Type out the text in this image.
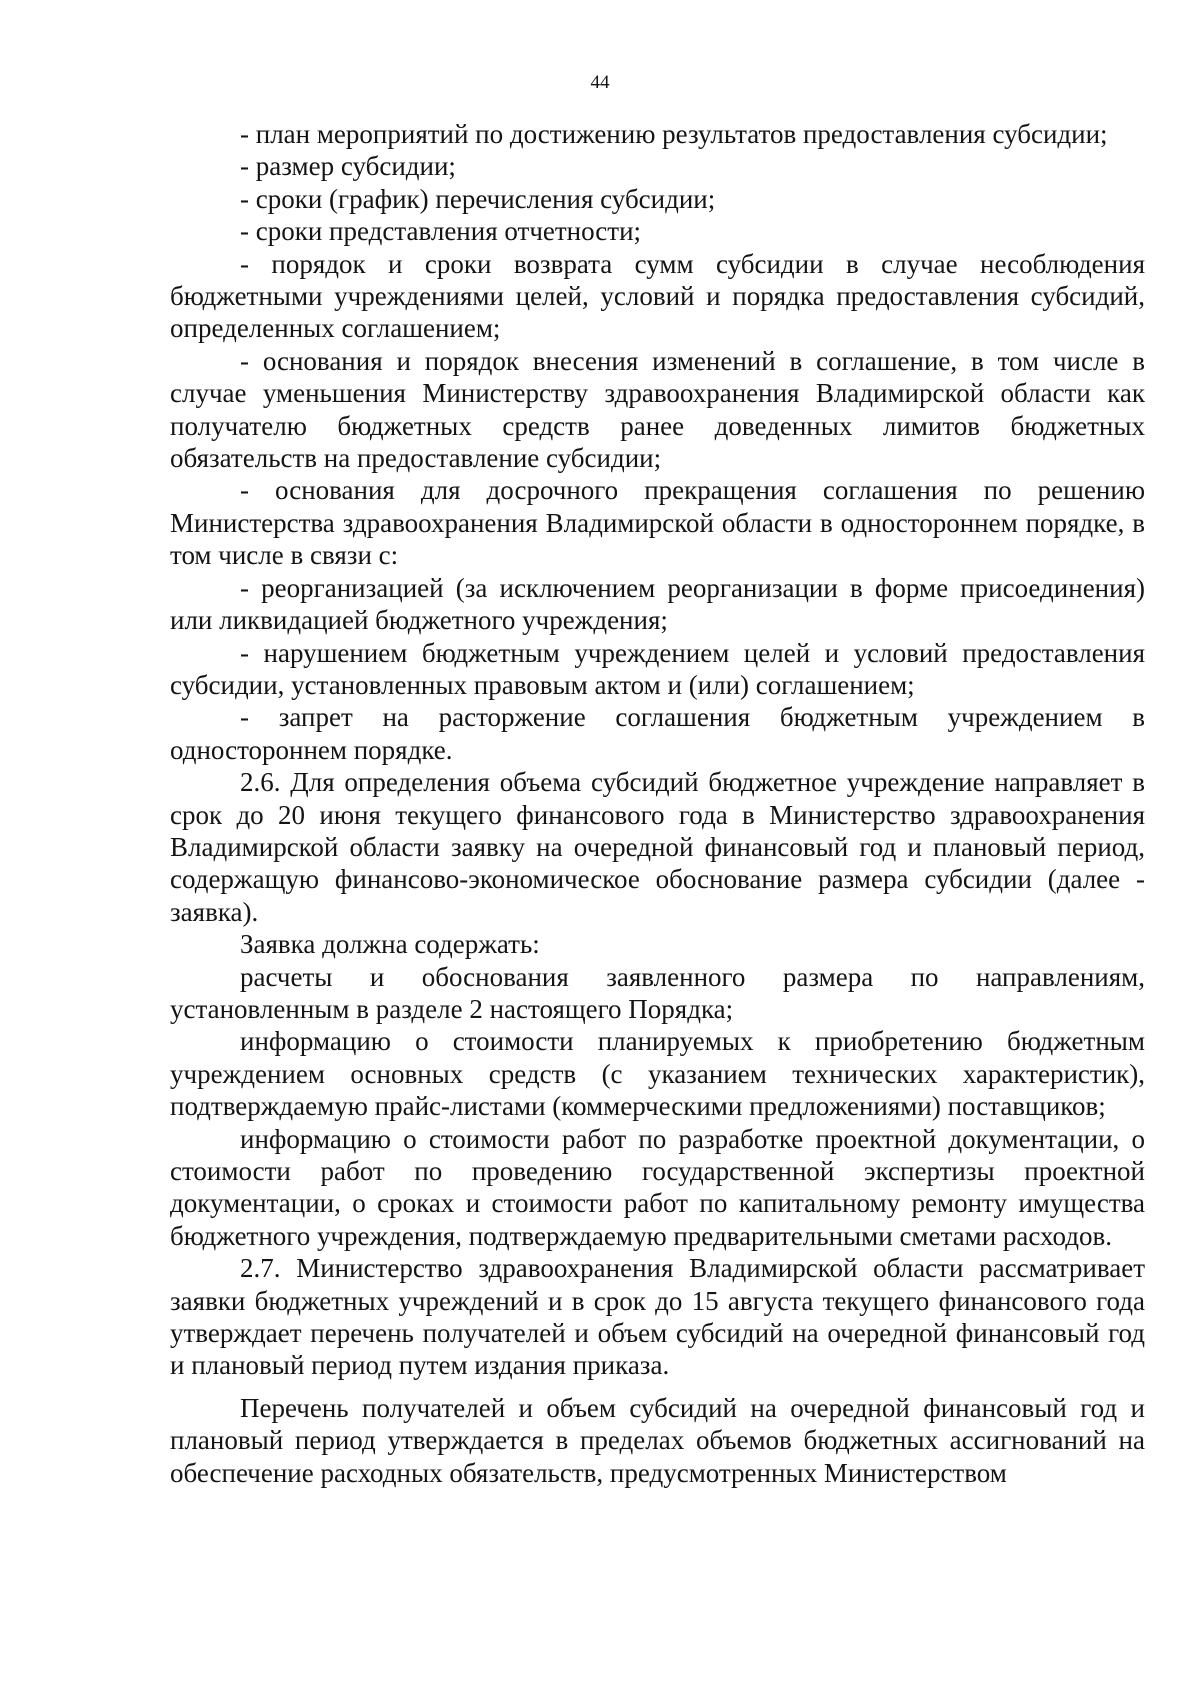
44

- план мероприятий по достижению результатов предоставления субсидии;

- размер субсидии;

- сроки (график) перечисления субсидии;

- сроки представления отчетности;

- порядок и сроки возврата сумм субсидии в случае несоблюдения бюджетными учреждениями целей, условий и порядка предоставления субсидий, определенных соглашением;

- основания и порядок внесения изменений в соглашение, в том числе в случае уменьшения Министерству здравоохранения Владимирской области как получателю бюджетных средств ранее доведенных лимитов бюджетных обязательств на предоставление субсидии;

- основания для досрочного прекращения соглашения по решению Министерства здравоохранения Владимирской области в одностороннем порядке, в том числе в связи с:

- реорганизацией (за исключением реорганизации в форме присоединения) или ликвидацией бюджетного учреждения;

- нарушением бюджетным учреждением целей и условий предоставления субсидии, установленных правовым актом и (или) соглашением;

- запрет на расторжение соглашения бюджетным учреждением в одностороннем порядке.

2.6. Для определения объема субсидий бюджетное учреждение направляет в срок до 20 июня текущего финансового года в Министерство здравоохранения Владимирской области заявку на очередной финансовый год и плановый период, содержащую финансово-экономическое обоснование размера субсидии (далее - заявка).

Заявка должна содержать:

расчеты и обоснования заявленного размера по направлениям, установленным в разделе 2 настоящего Порядка;

информацию о стоимости планируемых к приобретению бюджетным учреждением основных средств (с указанием технических характеристик), подтверждаемую прайс-листами (коммерческими предложениями) поставщиков;

информацию о стоимости работ по разработке проектной документации, о стоимости работ по проведению государственной экспертизы проектной документации, о сроках и стоимости работ по капитальному ремонту имущества бюджетного учреждения, подтверждаемую предварительными сметами расходов.

2.7. Министерство здравоохранения Владимирской области рассматривает заявки бюджетных учреждений и в срок до 15 августа текущего финансового года утверждает перечень получателей и объем субсидий на очередной финансовый год и плановый период путем издания приказа.

Перечень получателей и объем субсидий на очередной финансовый год и плановый период утверждается в пределах объемов бюджетных ассигнований на обеспечение расходных обязательств, предусмотренных Министерством
